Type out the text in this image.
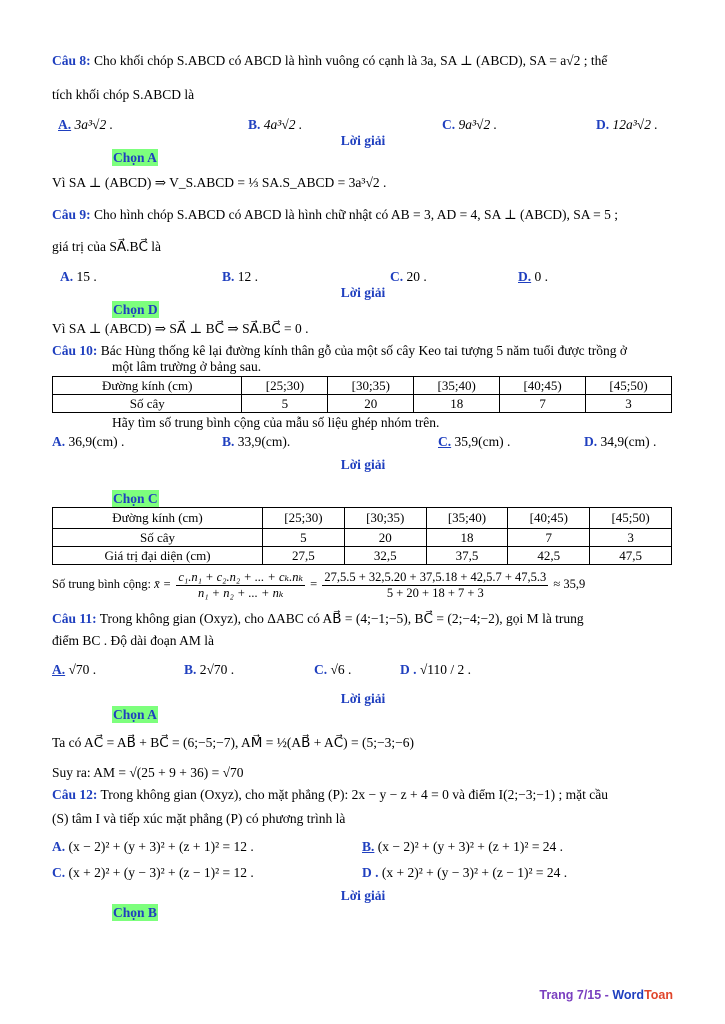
Câu 8: Cho khối chóp S.ABCD có ABCD là hình vuông có cạnh là 3a, SA ⊥ (ABCD), SA = a√2 ; thể
tích khối chóp S.ABCD là
A. 3a³√2 .	B. 4a³√2 .	C. 9a³√2 .	D. 12a³√2 .
Lời giải
Chọn A
Vì SA ⊥ (ABCD) ⇒ V_S.ABCD = ⅓ SA.S_ABCD = 3a³√2 .
Câu 9: Cho hình chóp S.ABCD có ABCD là hình chữ nhật có AB = 3, AD = 4, SA ⊥ (ABCD), SA = 5 ;
giá trị của SA⃗.BC⃗ là
A. 15 .	B. 12 .	C. 20 .	D. 0 .
Lời giải
Chọn D
Vì SA ⊥ (ABCD) ⇒ SA⃗ ⊥ BC⃗ ⇒ SA⃗.BC⃗ = 0 .
Câu 10: Bác Hùng thống kê lại đường kính thân gỗ của một số cây Keo tai tượng 5 năm tuổi được trồng ở
một lâm trường ở bảng sau.
Đường kính (cm)	[25;30)	[30;35)	[35;40)	[40;45)	[45;50)
Số cây	5	20	18	7	3
Hãy tìm số trung bình cộng của mẫu số liệu ghép nhóm trên.
A. 36,9(cm) .	B. 33,9(cm).	C. 35,9(cm) .	D. 34,9(cm) .
Lời giải
Chọn C
Đường kính (cm)	[25;30)	[30;35)	[35;40)	[40;45)	[45;50)
Số cây	5	20	18	7	3
Giá trị đại diện (cm)	27,5	32,5	37,5	42,5	47,5
Số trung bình cộng: x̄ = $\frac{\text{c₁.n₁ + c₂.n₂ + ... + cₖ.nₖ}}{\text{n₁ + n₂ + ... + nₖ}} = \frac{27,5.5 + 32,5.20 + 37,5.18 + 42,5.7 + 47,5.3}{5 + 20 + 18 + 7 + 3} \approx 35,9$
Câu 11: Trong không gian (Oxyz), cho ΔABC có AB⃗ = (4;−1;−5), BC⃗ = (2;−4;−2), gọi M là trung
điểm BC . Độ dài đoạn AM là
A. √70 .	B. 2√70 .	C. √6 .	D . √110 / 2 .
Lời giải
Chọn A
Ta có AC⃗ = AB⃗ + BC⃗ = (6;−5;−7), AM⃗ = ½(AB⃗ + AC⃗) = (5;−3;−6)
Suy ra: AM = √(25 + 9 + 36) = √70
Câu 12: Trong không gian (Oxyz), cho mặt phẳng (P): 2x − y − z + 4 = 0 và điểm I(2;−3;−1) ; mặt cầu
(S) tâm I và tiếp xúc mặt phẳng (P) có phương trình là
A. (x − 2)² + (y + 3)² + (z + 1)² = 12 .	B. (x − 2)² + (y + 3)² + (z + 1)² = 24 .
C. (x + 2)² + (y − 3)² + (z − 1)² = 12 .	D . (x + 2)² + (y − 3)² + (z − 1)² = 24 .
Lời giải
Chọn B
Trang 7/15 - WordToan
